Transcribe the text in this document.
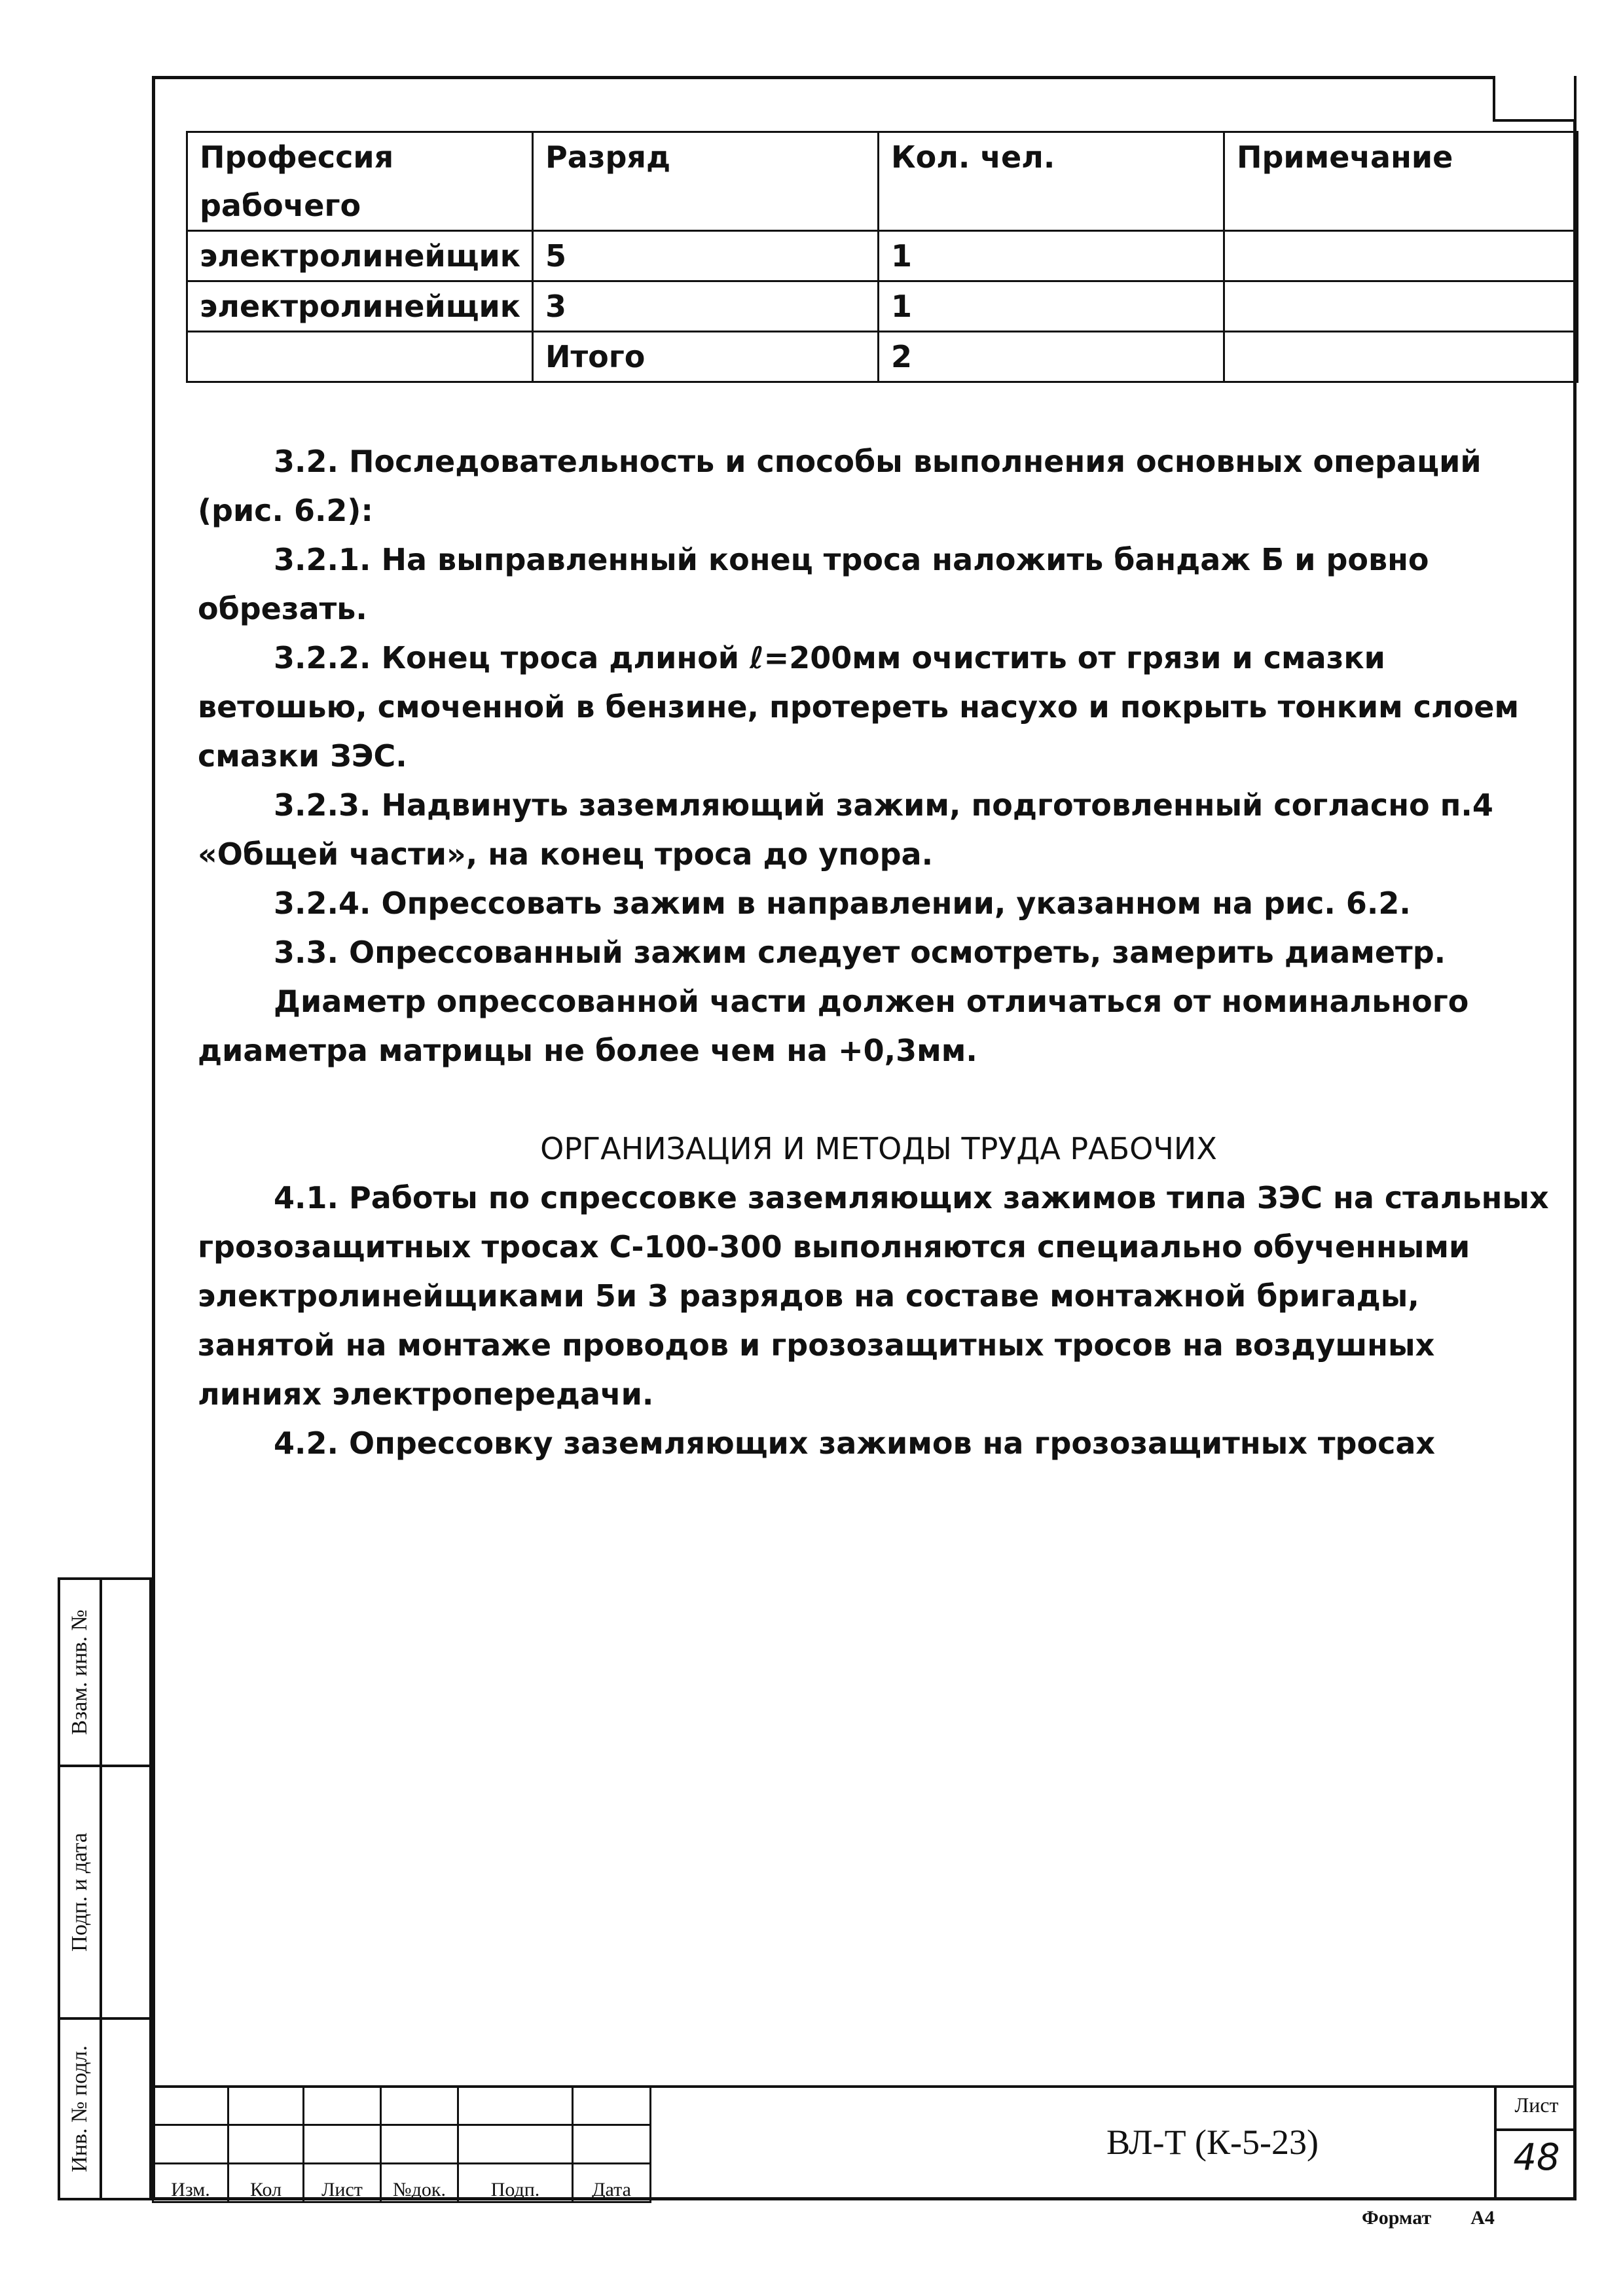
Профессия рабочего	Разряд	Кол. чел.	Примечание
электролинейщик	5	1	
электролинейщик	3	1	
	Итого	2	

3.2. Последовательность и способы выполнения основных операций (рис. 6.2):

3.2.1. На выправленный конец троса наложить бандаж Б и ровно обрезать.

3.2.2. Конец троса длиной ℓ=200мм очистить от грязи и смазки ветошью, смоченной в бензине, протереть насухо и покрыть тонким слоем смазки ЗЭС.

3.2.3. Надвинуть заземляющий зажим, подготовленный согласно п.4 «Общей части», на конец троса до упора.

3.2.4. Опрессовать зажим в направлении, указанном на рис. 6.2.

3.3. Опрессованный зажим следует осмотреть, замерить диаметр.

Диаметр опрессованной части должен отличаться от номинального диаметра матрицы не более чем на +0,3мм.

ОРГАНИЗАЦИЯ И МЕТОДЫ ТРУДА РАБОЧИХ

4.1. Работы по спрессовке заземляющих зажимов типа ЗЭС на стальных грозозащитных тросах С-100-300 выполняются специально обученными электролинейщиками 5и 3 разрядов на составе монтажной бригады, занятой на монтаже проводов и грозозащитных тросов на воздушных линиях электропередачи.

4.2. Опрессовку заземляющих зажимов на грозозащитных тросах

Взам. инв. №
Подп. и дата
Инв. № подл.

Изм.	Кол	Лист	№док.	Подп.	Дата
ВЛ-Т (К-5-23)
Лист
48
Формат А4
